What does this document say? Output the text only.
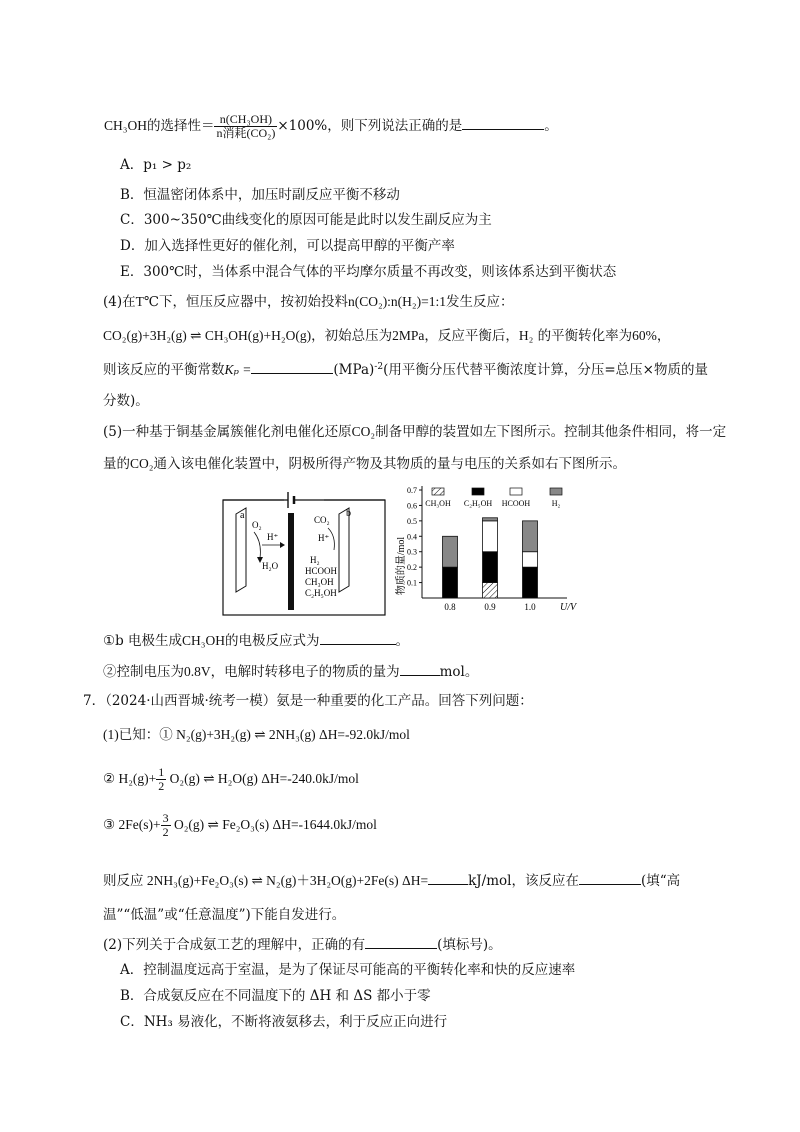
CH₃OH的选择性＝ $\frac{\text{n(CH₃OH)}}{\text{n消耗(CO₂)}} \times 100\%$，则下列说法正确的是	。
A．p₁ > p₂
B．恒温密闭体系中，加压时副反应平衡不移动
C．300~350℃曲线变化的原因可能是此时以发生副反应为主
D．加入选择性更好的催化剂，可以提高甲醇的平衡产率
E．300℃时，当体系中混合气体的平均摩尔质量不再改变，则该体系达到平衡状态
(4)在T℃下，恒压反应器中，按初始投料n(CO₂):n(H₂)=1:1发生反应：
CO₂(g)+3H₂(g) ⇌ CH₃OH(g)+H₂O(g)，初始总压为2MPa，反应平衡后，H₂ 的平衡转化率为60%，
则该反应的平衡常数Kₚ =	(MPa)$^{-2}$(用平衡分压代替平衡浓度计算，分压=总压×物质的量
分数)。
(5)一种基于铜基金属簇催化剂电催化还原CO₂制备甲醇的装置如左下图所示。控制其他条件相同，将一定
量的CO₂通入该电催化装置中，阴极所得产物及其物质的量与电压的关系如右下图所示。
a	b
O₂
H₂O
H⁺
CO₂
H⁺
H₂
HCOOH
CH₃OH
C₂H₅OH	物质的量/mol 0.1
0.2
0.3
0.4
0.5
0.6
0.7
0.8	0.9	1.0
CH₃OH C₂H₅OH HCOOH	H₂
U/V
①b 电极生成CH₃OH的电极反应式为	。
②控制电压为0.8V，电解时转移电子的物质的量为	mol。
7．（2024·山西晋城·统考一模）氨是一种重要的化工产品。回答下列问题：
(1)已知：① N₂(g)+3H₂(g) ⇌ 2NH₃(g) ΔH=-92.0kJ/mol
② $H_2(g)+ \frac{1}{2} O_2(g)$ ⇌ H₂O(g) ΔH=-240.0kJ/mol
③ $2Fe(s)+ \frac{3}{2} O_2(g)$ ⇌ Fe₂O₃(s) ΔH=-1644.0kJ/mol
则反应 2NH₃(g)+Fe₂O₃(s) ⇌ N₂(g)＋3H₂O(g)+2Fe(s) ΔH=	kJ/mol，该反应在	(填“高
温”“低温”或“任意温度”)下能自发进行。
(2)下列关于合成氨工艺的理解中，正确的有	(填标号)。
A．控制温度远高于室温，是为了保证尽可能高的平衡转化率和快的反应速率
B．合成氨反应在不同温度下的 ΔH 和 ΔS 都小于零
C．NH₃ 易液化，不断将液氨移去，利于反应正向进行
